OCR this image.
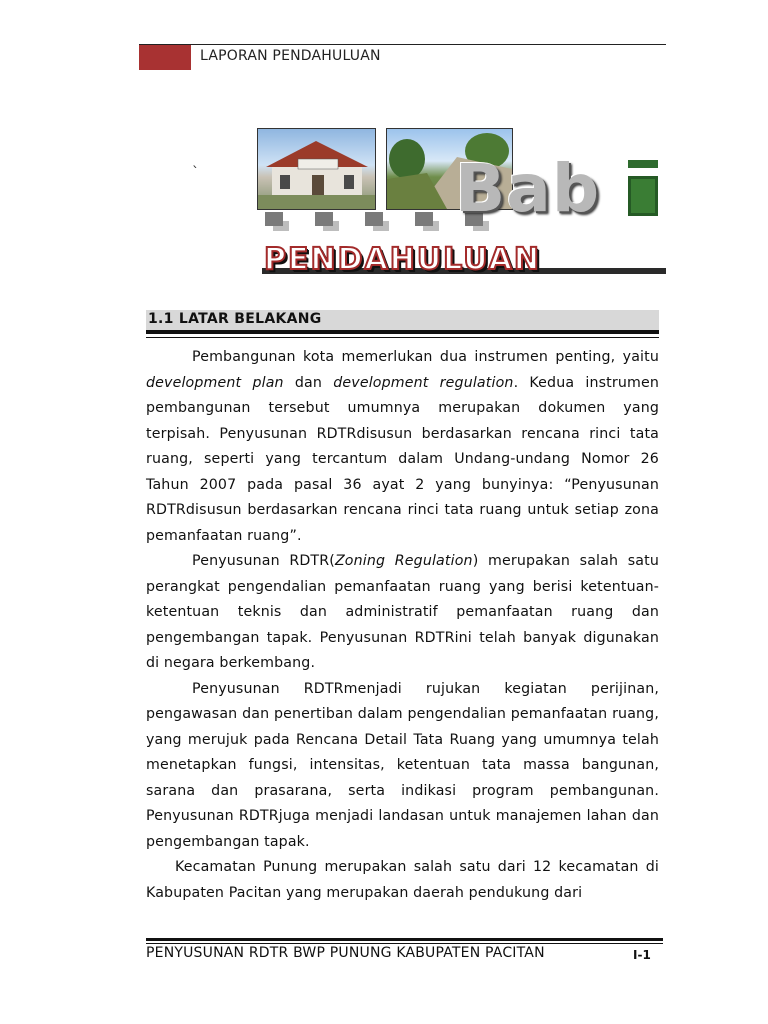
LAPORAN PENDAHULUAN
`	Bab
PENDAHULUAN
1.1 LATAR BELAKANG

Pembangunan kota memerlukan dua instrumen penting, yaitu development plan dan development regulation. Kedua instrumen pembangunan tersebut umumnya merupakan dokumen yang terpisah. Penyusunan RDTRdisusun berdasarkan rencana rinci tata ruang, seperti yang tercantum dalam Undang-undang Nomor 26 Tahun 2007 pada pasal 36 ayat 2 yang bunyinya: “Penyusunan RDTRdisusun berdasarkan rencana rinci tata ruang untuk setiap zona pemanfaatan ruang”.

Penyusunan RDTR(Zoning Regulation) merupakan salah satu perangkat pengendalian pemanfaatan ruang yang berisi ketentuan-ketentuan teknis dan administratif pemanfaatan ruang dan pengembangan tapak. Penyusunan RDTRini telah banyak digunakan di negara berkembang.

Penyusunan RDTRmenjadi rujukan kegiatan perijinan, pengawasan dan penertiban dalam pengendalian pemanfaatan ruang, yang merujuk pada Rencana Detail Tata Ruang yang umumnya telah menetapkan fungsi, intensitas, ketentuan tata massa bangunan, sarana dan prasarana, serta indikasi program pembangunan. Penyusunan RDTRjuga menjadi landasan untuk manajemen lahan dan pengembangan tapak.

Kecamatan Punung merupakan salah satu dari 12 kecamatan di Kabupaten Pacitan yang merupakan daerah pendukung dari

PENYUSUNAN RDTR BWP PUNUNG KABUPATEN PACITAN	I-1
